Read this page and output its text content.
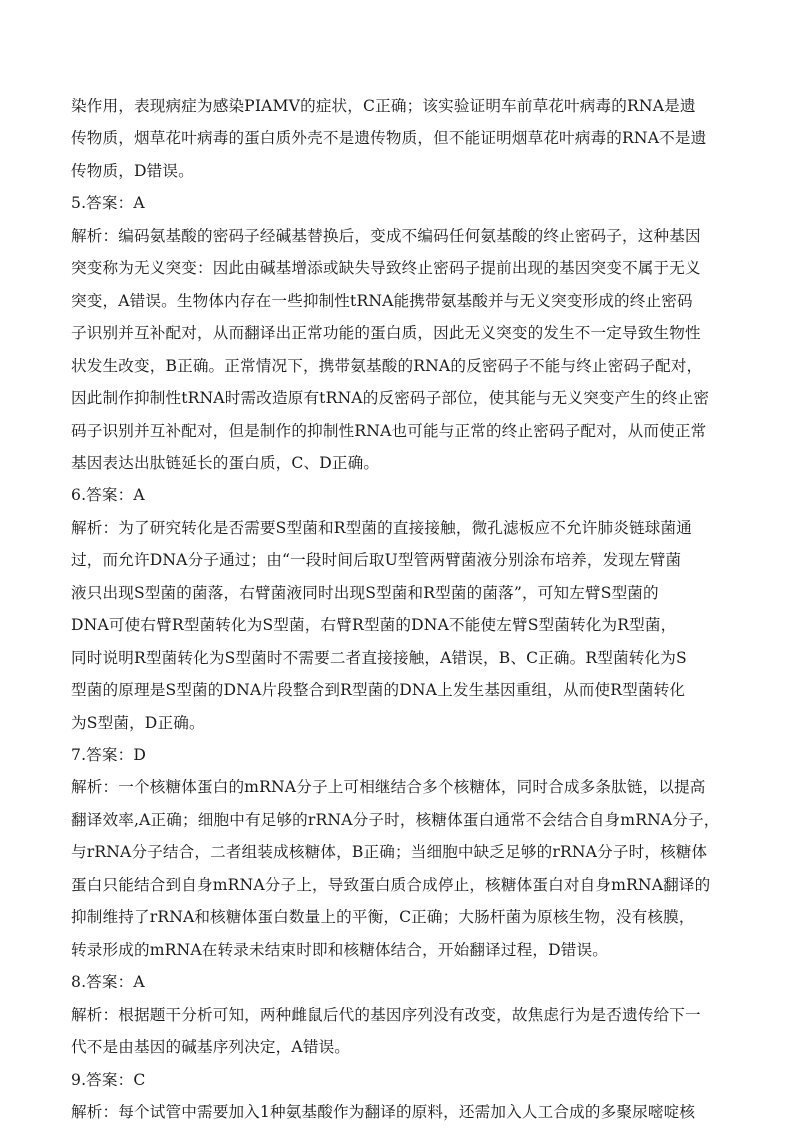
染作用，表现病症为感染PIAMV的症状，C正确；该实验证明车前草花叶病毒的RNA是遗
传物质，烟草花叶病毒的蛋白质外壳不是遗传物质，但不能证明烟草花叶病毒的RNA不是遗
传物质，D错误。
5.答案：A
解析：编码氨基酸的密码子经碱基替换后，变成不编码任何氨基酸的终止密码子，这种基因
突变称为无义突变：因此由碱基增添或缺失导致终止密码子提前出现的基因突变不属于无义
突变，A错误。生物体内存在一些抑制性tRNA能携带氨基酸并与无义突变形成的终止密码
子识别并互补配对，从而翻译出正常功能的蛋白质，因此无义突变的发生不一定导致生物性
状发生改变，B正确。正常情况下，携带氨基酸的RNA的反密码子不能与终止密码子配对，
因此制作抑制性tRNA时需改造原有tRNA的反密码子部位，使其能与无义突变产生的终止密
码子识别并互补配对，但是制作的抑制性RNA也可能与正常的终止密码子配对，从而使正常
基因表达出肽链延长的蛋白质，C、D正确。
6.答案：A
解析：为了研究转化是否需要S型菌和R型菌的直接接触，微孔滤板应不允许肺炎链球菌通
过，而允许DNA分子通过；由“一段时间后取U型管两臂菌液分别涂布培养，发现左臂菌
液只出现S型菌的菌落，右臂菌液同时出现S型菌和R型菌的菌落”，可知左臂S型菌的
DNA可使右臂R型菌转化为S型菌，右臂R型菌的DNA不能使左臂S型菌转化为R型菌，
同时说明R型菌转化为S型菌时不需要二者直接接触，A错误，B、C正确。R型菌转化为S
型菌的原理是S型菌的DNA片段整合到R型菌的DNA上发生基因重组，从而使R型菌转化
为S型菌，D正确。
7.答案：D
解析：一个核糖体蛋白的mRNA分子上可相继结合多个核糖体，同时合成多条肽链，以提高
翻译效率,A正确；细胞中有足够的rRNA分子时，核糖体蛋白通常不会结合自身mRNA分子，
与rRNA分子结合，二者组装成核糖体，B正确；当细胞中缺乏足够的rRNA分子时，核糖体
蛋白只能结合到自身mRNA分子上，导致蛋白质合成停止，核糖体蛋白对自身mRNA翻译的
抑制维持了rRNA和核糖体蛋白数量上的平衡，C正确；大肠杆菌为原核生物，没有核膜，
转录形成的mRNA在转录未结束时即和核糖体结合，开始翻译过程，D错误。
8.答案：A
解析：根据题干分析可知，两种雌鼠后代的基因序列没有改变，故焦虑行为是否遗传给下一
代不是由基因的碱基序列决定，A错误。
9.答案：C
解析：每个试管中需要加入1种氨基酸作为翻译的原料，还需加入人工合成的多聚尿嘧啶核
